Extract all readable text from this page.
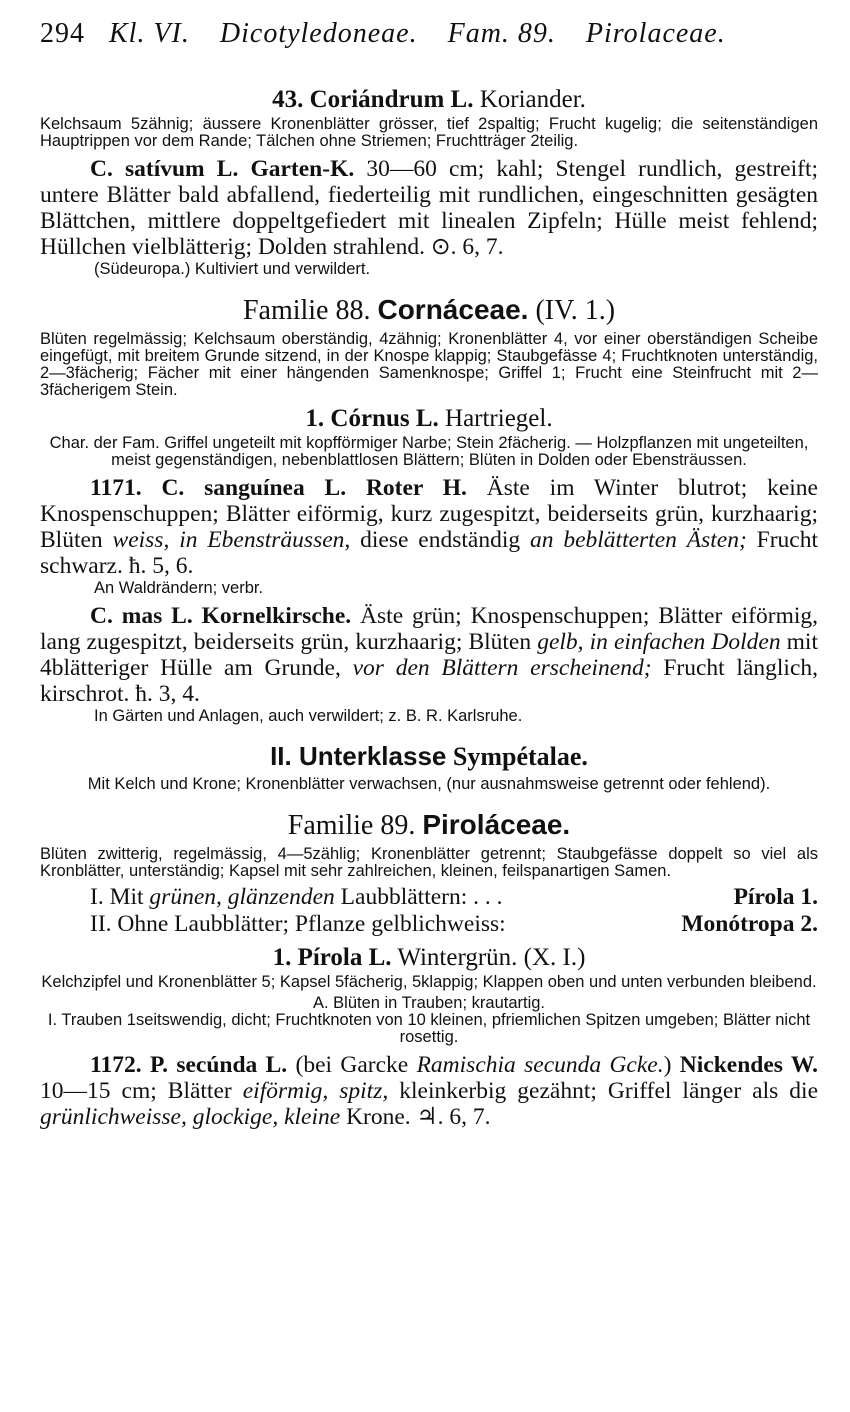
294 Kl. VI. Dicotyledoneae. Fam. 89. Pirolaceae.
43. Coriándrum L. Koriander.

Kelchsaum 5zähnig; äussere Kronenblätter grösser, tief 2spaltig; Frucht kugelig; die seitenständigen Hauptrippen vor dem Rande; Tälchen ohne Striemen; Fruchtträger 2teilig.

C. satívum L. Garten-K. 30—60 cm; kahl; Stengel rundlich, gestreift; untere Blätter bald abfallend, fiederteilig mit rundlichen, eingeschnitten gesägten Blättchen, mittlere doppeltgefiedert mit linealen Zipfeln; Hülle meist fehlend; Hüllchen vielblätterig; Dolden strahlend. ⊙. 6, 7.

(Südeuropa.) Kultiviert und verwildert.

Familie 88. Cornáceae. (IV. 1.)

Blüten regelmässig; Kelchsaum oberständig, 4zähnig; Kronenblätter 4, vor einer oberständigen Scheibe eingefügt, mit breitem Grunde sitzend, in der Knospe klappig; Staubgefässe 4; Fruchtknoten unterständig, 2—3fächerig; Fächer mit einer hängenden Samenknospe; Griffel 1; Frucht eine Steinfrucht mit 2—3fächerigem Stein.

1. Córnus L. Hartriegel.

Char. der Fam. Griffel ungeteilt mit kopfförmiger Narbe; Stein 2fächerig. — Holzpflanzen mit ungeteilten, meist gegenständigen, nebenblattlosen Blättern; Blüten in Dolden oder Ebensträussen.

1171. C. sanguínea L. Roter H. Äste im Winter blutrot; keine Knospenschuppen; Blätter eiförmig, kurz zugespitzt, beiderseits grün, kurzhaarig; Blüten weiss, in Ebensträussen, diese endständig an beblätterten Ästen; Frucht schwarz. ħ. 5, 6.

An Waldrändern; verbr.

C. mas L. Kornelkirsche. Äste grün; Knospenschuppen; Blätter eiförmig, lang zugespitzt, beiderseits grün, kurzhaarig; Blüten gelb, in einfachen Dolden mit 4blätteriger Hülle am Grunde, vor den Blättern erscheinend; Frucht länglich, kirschrot. ħ. 3, 4.

In Gärten und Anlagen, auch verwildert; z. B. R. Karlsruhe.

II. Unterklasse Sympétalae.

Mit Kelch und Krone; Kronenblätter verwachsen, (nur ausnahmsweise getrennt oder fehlend).

Familie 89. Piroláceae.

Blüten zwitterig, regelmässig, 4—5zählig; Kronenblätter getrennt; Staubgefässe doppelt so viel als Kronblätter, unterständig; Kapsel mit sehr zahlreichen, kleinen, feilspanartigen Samen.

I. Mit grünen, glänzenden Laubblättern: . . .	Pírola 1.
II. Ohne Laubblätter; Pflanze gelblichweiss:	Monótropa 2.
1. Pírola L. Wintergrün. (X. I.)

Kelchzipfel und Kronenblätter 5; Kapsel 5fächerig, 5klappig; Klappen oben und unten verbunden bleibend.

A. Blüten in Trauben; krautartig.

I. Trauben 1seitswendig, dicht; Fruchtknoten von 10 kleinen, pfriemlichen Spitzen umgeben; Blätter nicht rosettig.

1172. P. secúnda L. (bei Garcke Ramischia secunda Gcke.) Nickendes W. 10—15 cm; Blätter eiförmig, spitz, kleinkerbig gezähnt; Griffel länger als die grünlichweisse, glockige, kleine Krone. ♃. 6, 7.
